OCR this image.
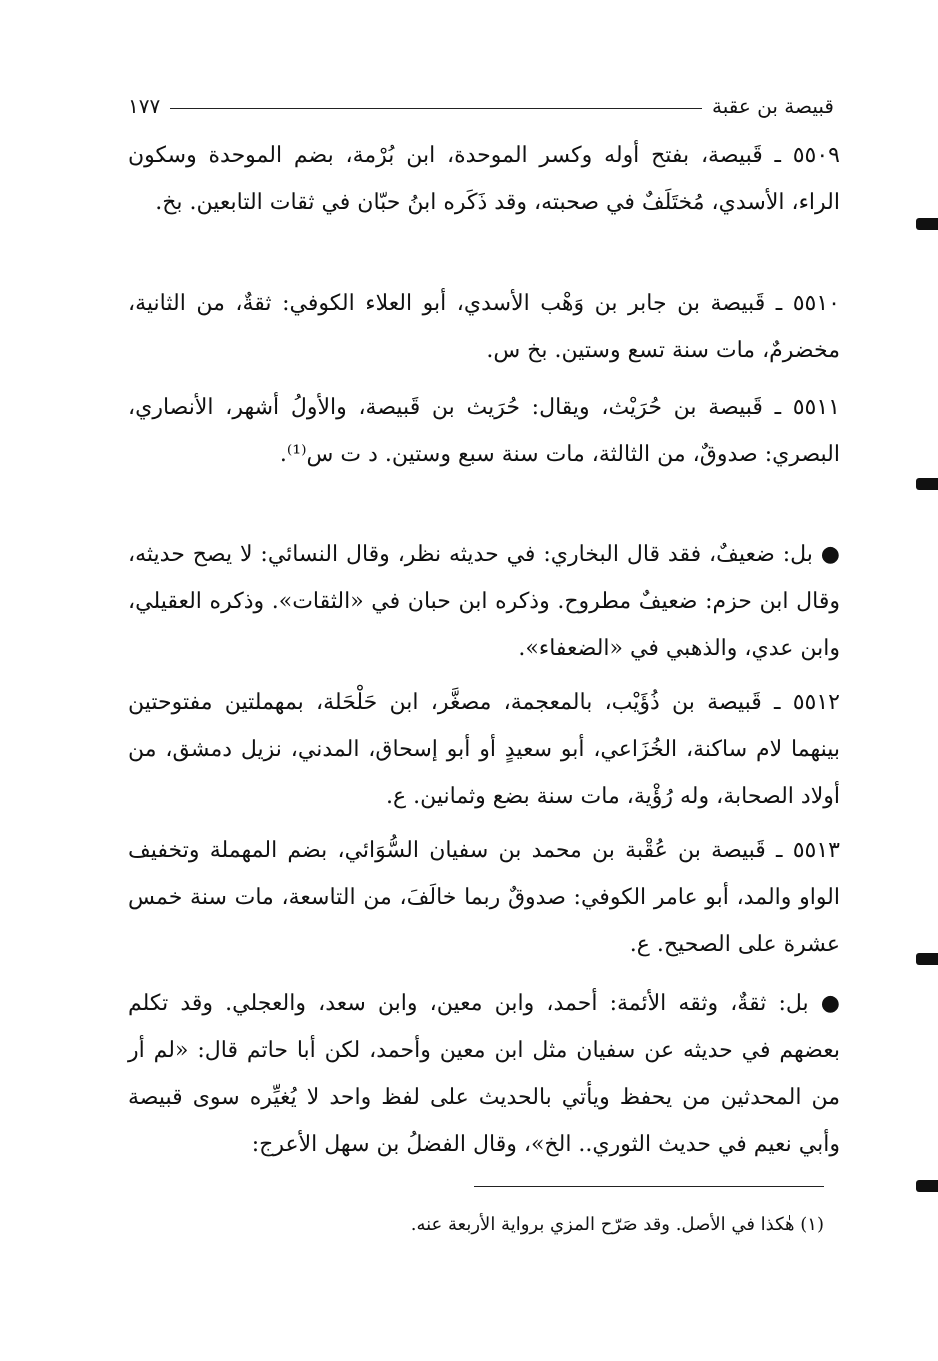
قبيصة بن عقبة
١٧٧
٥٥٠٩ ـ قَبيصة، بفتح أوله وكسر الموحدة، ابن بُرْمة، بضم الموحدة وسكون الراء، الأسدي، مُختَلَفٌ في صحبته، وقد ذَكَره ابنُ حبّان في ثقات التابعين. بخ.
٥٥١٠ ـ قَبيصة بن جابر بن وَهْب الأسدي، أبو العلاء الكوفي: ثقةٌ، من الثانية، مخضرمٌ، مات سنة تسع وستين. بخ س.
٥٥١١ ـ قَبيصة بن حُرَيْث، ويقال: حُرَيث بن قَبيصة، والأولُ أشهر، الأنصاري، البصري: صدوقٌ، من الثالثة، مات سنة سبع وستين. د ت س⁽¹⁾.
● بل: ضعيفٌ، فقد قال البخاري: في حديثه نظر، وقال النسائي: لا يصح حديثه، وقال ابن حزم: ضعيفٌ مطروح. وذكره ابن حبان في «الثقات». وذكره العقيلي، وابن عدي، والذهبي في «الضعفاء».
٥٥١٢ ـ قَبيصة بن ذُؤَيْب، بالمعجمة، مصغَّر، ابن حَلْحَلة، بمهملتين مفتوحتين بينهما لام ساكنة، الخُزَاعي، أبو سعيدٍ أو أبو إسحاق، المدني، نزيل دمشق، من أولاد الصحابة، وله رُؤْية، مات سنة بضع وثمانين. ع.
٥٥١٣ ـ قَبيصة بن عُقْبة بن محمد بن سفيان السُّوَائي، بضم المهملة وتخفيف الواو والمد، أبو عامر الكوفي: صدوقٌ ربما خالَفَ، من التاسعة، مات سنة خمس عشرة على الصحيح. ع.
● بل: ثقةٌ، وثقه الأئمة: أحمد، وابن معين، وابن سعد، والعجلي. وقد تكلم بعضهم في حديثه عن سفيان مثل ابن معين وأحمد، لكن أبا حاتم قال: «لم أر من المحدثين من يحفظ ويأتي بالحديث على لفظ واحد لا يُغيِّره سوى قبيصة وأبي نعيم في حديث الثوري.. الخ»، وقال الفضلُ بن سهل الأعرج:
(١) هٰكذا في الأصل. وقد صَرّح المزي برواية الأربعة عنه.
